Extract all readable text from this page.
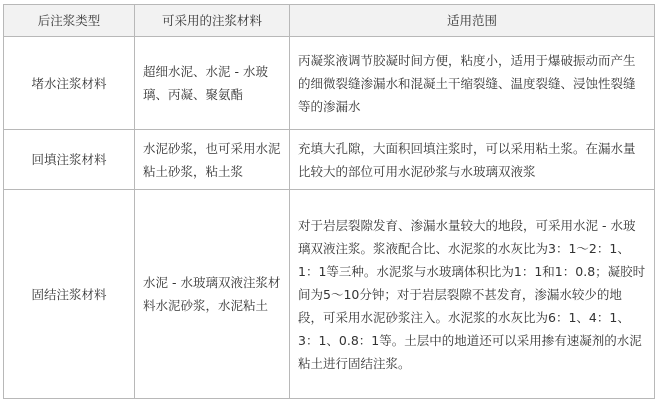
后注浆类型	可采用的注浆材料	适用范围
堵水注浆材料	超细水泥、水泥 - 水玻璃、丙凝、聚氨酯	丙凝浆液调节胶凝时间方便，粘度小，适用于爆破振动而产生的细微裂缝渗漏水和混凝土干缩裂缝、温度裂缝、浸蚀性裂缝等的渗漏水
回填注浆材料	水泥砂浆，也可采用水泥粘土砂浆，粘土浆	充填大孔隙，大面积回填注浆时，可以采用粘土浆。在漏水量比较大的部位可用水泥砂浆与水玻璃双液浆
固结注浆材料	水泥 - 水玻璃双液注浆材料水泥砂浆，水泥粘土	对于岩层裂隙发育、渗漏水量较大的地段，可采用水泥 - 水玻璃双液注浆。浆液配合比、水泥浆的水灰比为3：1～2：1、1：1等三种。水泥浆与水玻璃体积比为1：1和1：0.8；凝胶时间为5～10分钟；对于岩层裂隙不甚发育，渗漏水较少的地段，可采用水泥砂浆注入。水泥浆的水灰比为6：1、4：1、3：1、0.8：1等。土层中的地道还可以采用掺有速凝剂的水泥粘土进行固结注浆。
